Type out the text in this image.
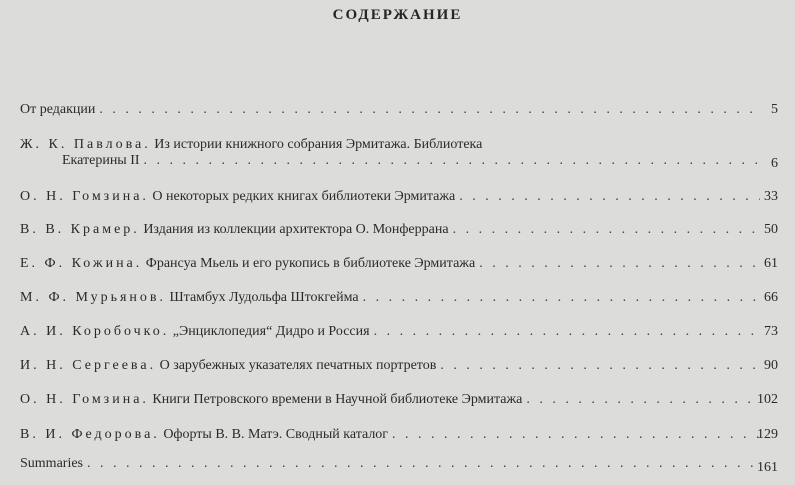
СОДЕРЖАНИЕ
От редакции . . .	5
Ж. К. Павлова. Из истории книжного собрания Эрмитажа. Библиотека
Екатерины II . . .	6
О. Н. Гомзина. О некоторых редких книгах библиотеки Эрмитажа . . .	33
В. В. Крамер. Издания из коллекции архитектора О. Монферрана . . .	50
Е. Ф. Кожина. Франсуа Мьель и его рукопись в библиотеке Эрмитажа . . .	61
М. Ф. Мурьянов. Штамбух Лудольфа Штокгейма . . .	66
А. И. Коробочко. „Энциклопедия“ Дидро и Россия . . .	73
И. Н. Сергеева. О зарубежных указателях печатных портретов . . .	90
О. Н. Гомзина. Книги Петровского времени в Научной библиотеке Эрмитажа . . .	102
В. И. Федорова. Офорты В. В. Матэ. Сводный каталог . . .	129
Summaries . . .	161
